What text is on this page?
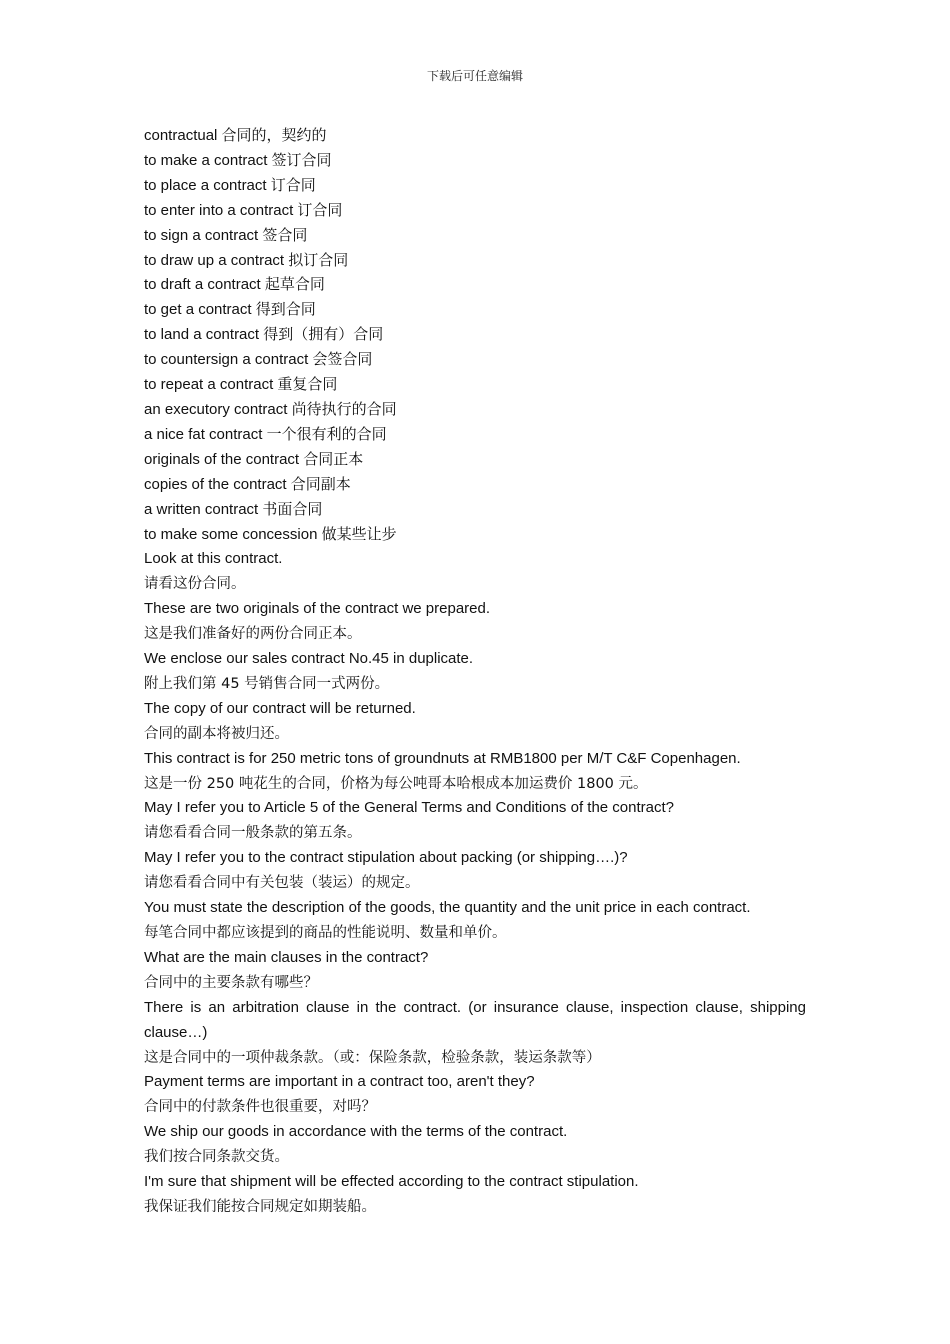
下载后可任意编辑
contractual 合同的，契约的
to make a contract 签订合同
to place a contract 订合同
to enter into a contract 订合同
to sign a contract 签合同
to draw up a contract 拟订合同
to draft a contract 起草合同
to get a contract 得到合同
to land a contract 得到（拥有）合同
to countersign a contract 会签合同
to repeat a contract 重复合同
an executory contract 尚待执行的合同
a nice fat contract 一个很有利的合同
originals of the contract 合同正本
copies of the contract 合同副本
a written contract 书面合同
to make some concession 做某些让步
Look at this contract.
请看这份合同。
These are two originals of the contract we prepared.
这是我们准备好的两份合同正本。
We enclose our sales contract No.45 in duplicate.
附上我们第 45 号销售合同一式两份。
The copy of our contract will be returned.
合同的副本将被归还。
This contract is for 250 metric tons of groundnuts at RMB1800 per M/T C&F Copenhagen.
这是一份 250 吨花生的合同，价格为每公吨哥本哈根成本加运费价 1800 元。
May I refer you to Article 5 of the General Terms and Conditions of the contract?
请您看看合同一般条款的第五条。
May I refer you to the contract stipulation about packing (or shipping….)?
请您看看合同中有关包装（装运）的规定。
You must state the description of the goods, the quantity and the unit price in each contract.
每笔合同中都应该提到的商品的性能说明、数量和单价。
What are the main clauses in the contract?
合同中的主要条款有哪些？
There is an arbitration clause in the contract. (or insurance clause, inspection clause, shipping clause…)
这是合同中的一项仲裁条款。（或：保险条款，检验条款，装运条款等）
Payment terms are important in a contract too, aren't they?
合同中的付款条件也很重要，对吗？
We ship our goods in accordance with the terms of the contract.
我们按合同条款交货。
I'm sure that shipment will be effected according to the contract stipulation.
我保证我们能按合同规定如期装船。
